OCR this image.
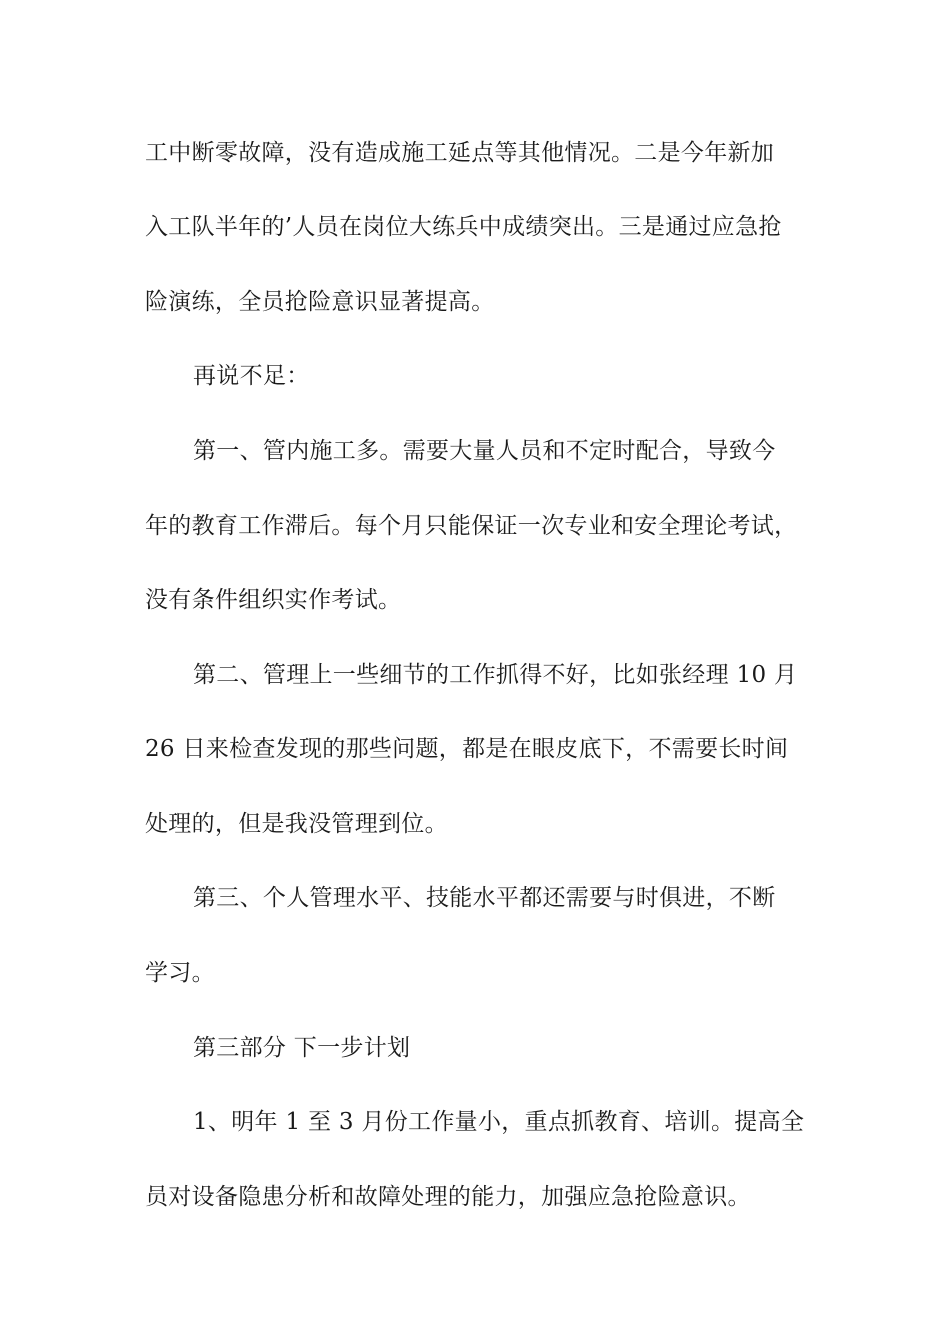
工中断零故障，没有造成施工延点等其他情况。二是今年新加
入工队半年的’人员在岗位大练兵中成绩突出。三是通过应急抢
险演练，全员抢险意识显著提高。
再说不足：
第一、管内施工多。需要大量人员和不定时配合，导致今
年的教育工作滞后。每个月只能保证一次专业和安全理论考试，
没有条件组织实作考试。
第二、管理上一些细节的工作抓得不好，比如张经理 10 月
26 日来检查发现的那些问题，都是在眼皮底下，不需要长时间
处理的，但是我没管理到位。
第三、个人管理水平、技能水平都还需要与时俱进，不断
学习。
第三部分 下一步计划
1、明年 1 至 3 月份工作量小，重点抓教育、培训。提高全
员对设备隐患分析和故障处理的能力，加强应急抢险意识。
